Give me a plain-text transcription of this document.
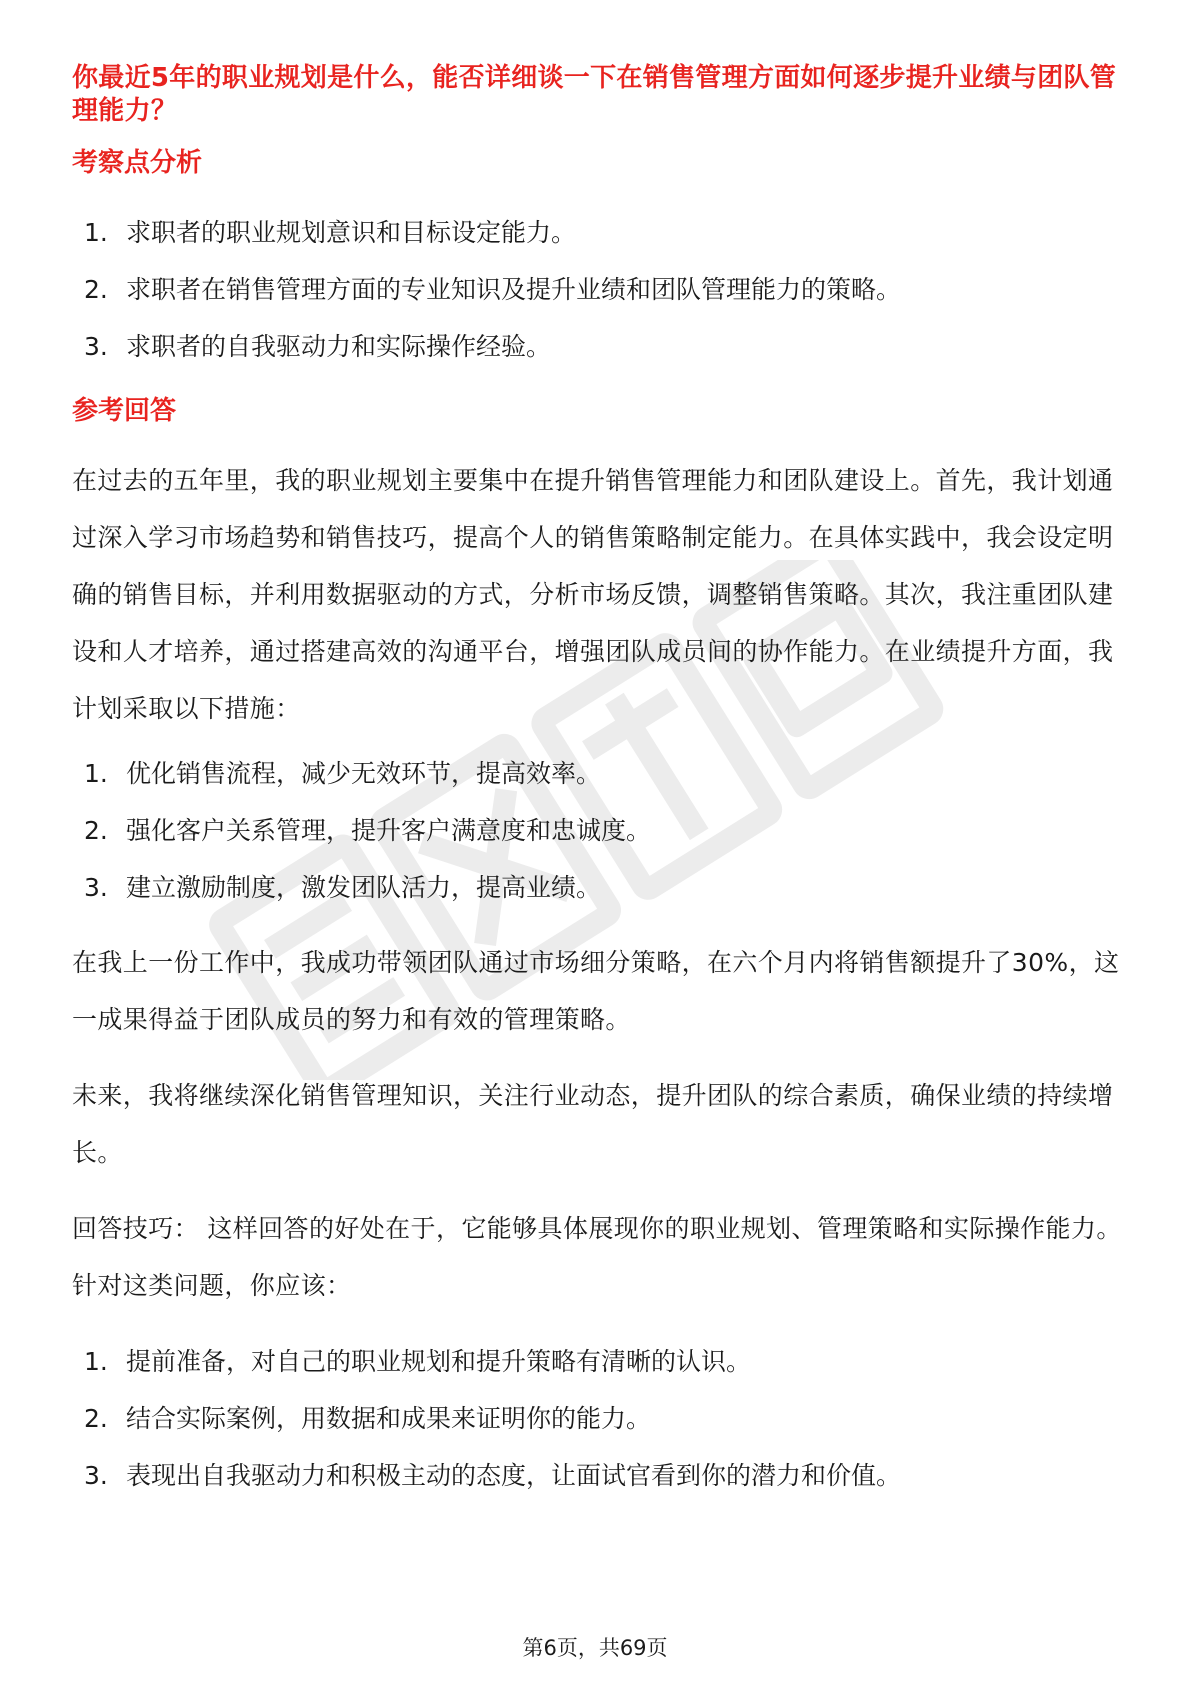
你最近5年的职业规划是什么，能否详细谈一下在销售管理方面如何逐步提升业绩与团队管理能力？
考察点分析
1. 求职者的职业规划意识和目标设定能力。
2. 求职者在销售管理方面的专业知识及提升业绩和团队管理能力的策略。
3. 求职者的自我驱动力和实际操作经验。
参考回答

在过去的五年里，我的职业规划主要集中在提升销售管理能力和团队建设上。首先，我计划通过深入学习市场趋势和销售技巧，提高个人的销售策略制定能力。在具体实践中，我会设定明确的销售目标，并利用数据驱动的方式，分析市场反馈，调整销售策略。其次，我注重团队建设和人才培养，通过搭建高效的沟通平台，增强团队成员间的协作能力。在业绩提升方面，我计划采取以下措施：

1. 优化销售流程，减少无效环节，提高效率。
2. 强化客户关系管理，提升客户满意度和忠诚度。
3. 建立激励制度，激发团队活力，提高业绩。

在我上一份工作中，我成功带领团队通过市场细分策略，在六个月内将销售额提升了30%，这一成果得益于团队成员的努力和有效的管理策略。

未来，我将继续深化销售管理知识，关注行业动态，提升团队的综合素质，确保业绩的持续增长。

回答技巧： 这样回答的好处在于，它能够具体展现你的职业规划、管理策略和实际操作能力。针对这类问题，你应该：

1. 提前准备，对自己的职业规划和提升策略有清晰的认识。
2. 结合实际案例，用数据和成果来证明你的能力。
3. 表现出自我驱动力和积极主动的态度，让面试官看到你的潜力和价值。
第6页，共69页
